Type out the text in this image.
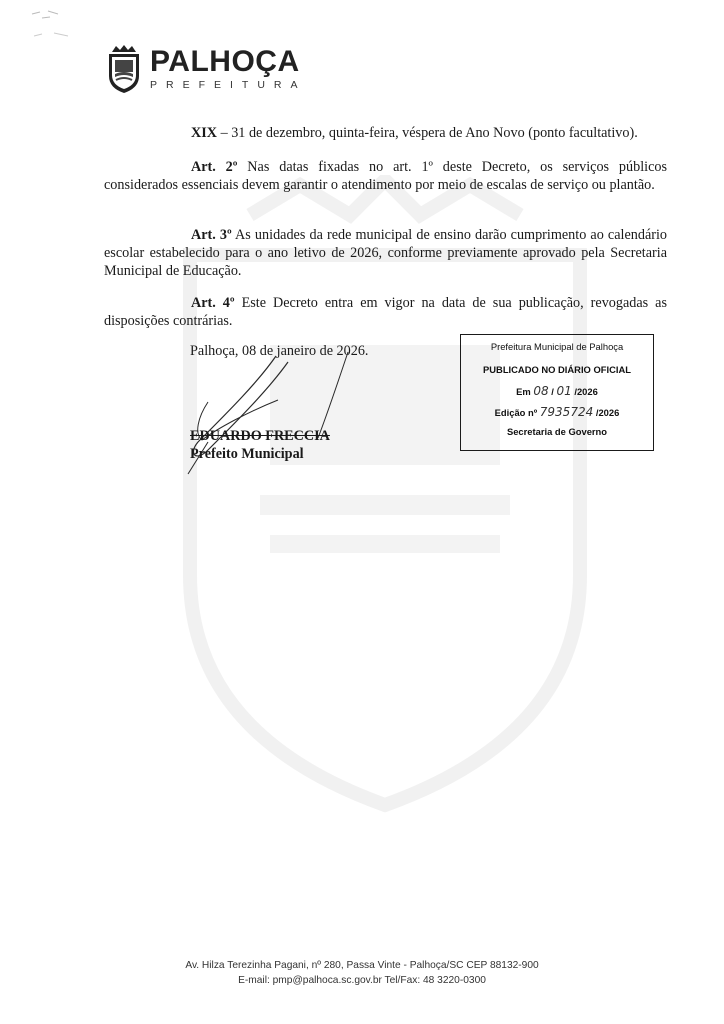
PALHOÇA
PREFEITURA

XIX – 31 de dezembro, quinta-feira, véspera de Ano Novo (ponto facultativo).

Art. 2º Nas datas fixadas no art. 1º deste Decreto, os serviços públicos considerados essenciais devem garantir o atendimento por meio de escalas de serviço ou plantão.

Art. 3º As unidades da rede municipal de ensino darão cumprimento ao calendário escolar estabelecido para o ano letivo de 2026, conforme previamente aprovado pela Secretaria Municipal de Educação.

Art. 4º Este Decreto entra em vigor na data de sua publicação, revogadas as disposições contrárias.

Palhoça, 08 de janeiro de 2026.
EDUARDO FRECCIA
Prefeito Municipal
Prefeitura Municipal de Palhoça
PUBLICADO NO DIÁRIO OFICIAL
Em 08 / 01 /2026
Edição nº 7935724 /2026
Secretaria de Governo
Av. Hilza Terezinha Pagani, nº 280, Passa Vinte - Palhoça/SC CEP 88132-900
E-mail: pmp@palhoca.sc.gov.br Tel/Fax: 48 3220-0300
